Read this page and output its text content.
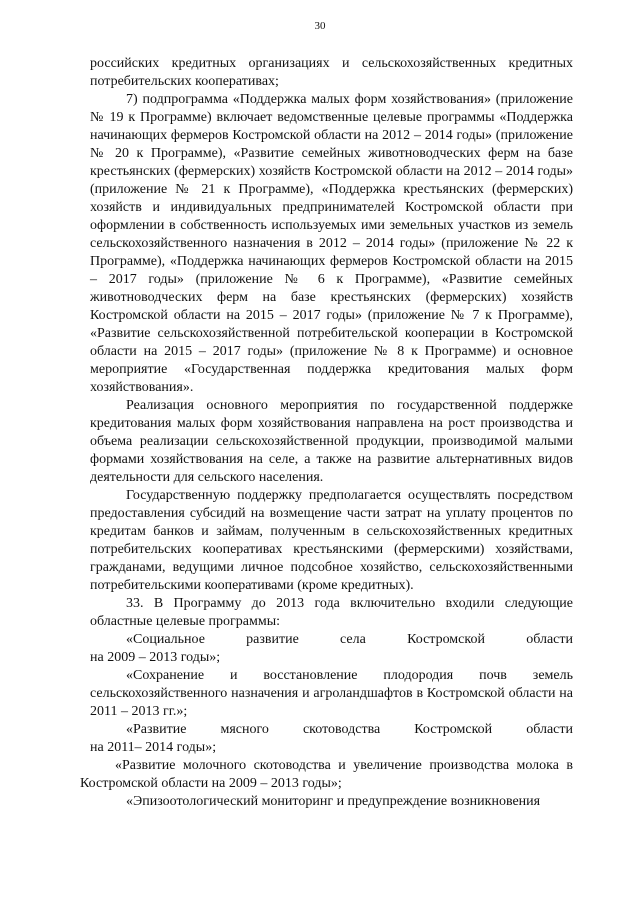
30

российских кредитных организациях и сельскохозяйственных кредитных потребительских кооперативах;

7) подпрограмма «Поддержка малых форм хозяйствования» (приложение № 19 к Программе) включает ведомственные целевые программы «Поддержка начинающих фермеров Костромской области на 2012 – 2014 годы» (приложение № 20 к Программе), «Развитие семейных животноводческих ферм на базе крестьянских (фермерских) хозяйств Костромской области на 2012 – 2014 годы» (приложение № 21 к Программе), «Поддержка крестьянских (фермерских) хозяйств и индивидуальных предпринимателей Костромской области при оформлении в собственность используемых ими земельных участков из земель сельскохозяйственного назначения в 2012 – 2014 годы» (приложение № 22 к Программе), «Поддержка начинающих фермеров Костромской области на 2015 – 2017 годы» (приложение № 6 к Программе), «Развитие семейных животноводческих ферм на базе крестьянских (фермерских) хозяйств Костромской области на 2015 – 2017 годы» (приложение № 7 к Программе), «Развитие сельскохозяйственной потребительской кооперации в Костромской области на 2015 – 2017 годы» (приложение № 8 к Программе) и основное мероприятие «Государственная поддержка кредитования малых форм хозяйствования».

Реализация основного мероприятия по государственной поддержке кредитования малых форм хозяйствования направлена на рост производства и объема реализации сельскохозяйственной продукции, производимой малыми формами хозяйствования на селе, а также на развитие альтернативных видов деятельности для сельского населения.

Государственную поддержку предполагается осуществлять посредством предоставления субсидий на возмещение части затрат на уплату процентов по кредитам банков и займам, полученным в сельскохозяйственных кредитных потребительских кооперативах крестьянскими (фермерскими) хозяйствами, гражданами, ведущими личное подсобное хозяйство, сельскохозяйственными потребительскими кооперативами (кроме кредитных).

33. В Программу до 2013 года включительно входили следующие областные целевые программы:

«Социальное развитие села Костромской области
на 2009 – 2013 годы»;

«Сохранение и восстановление плодородия почв земель сельскохозяйственного назначения и агроландшафтов в Костромской области на 2011 – 2013 гг.»;

«Развитие мясного скотоводства Костромской области
на 2011– 2014 годы»;

«Развитие молочного скотоводства и увеличение производства молока в Костромской области на 2009 – 2013 годы»;

«Эпизоотологический мониторинг и предупреждение возникновения
